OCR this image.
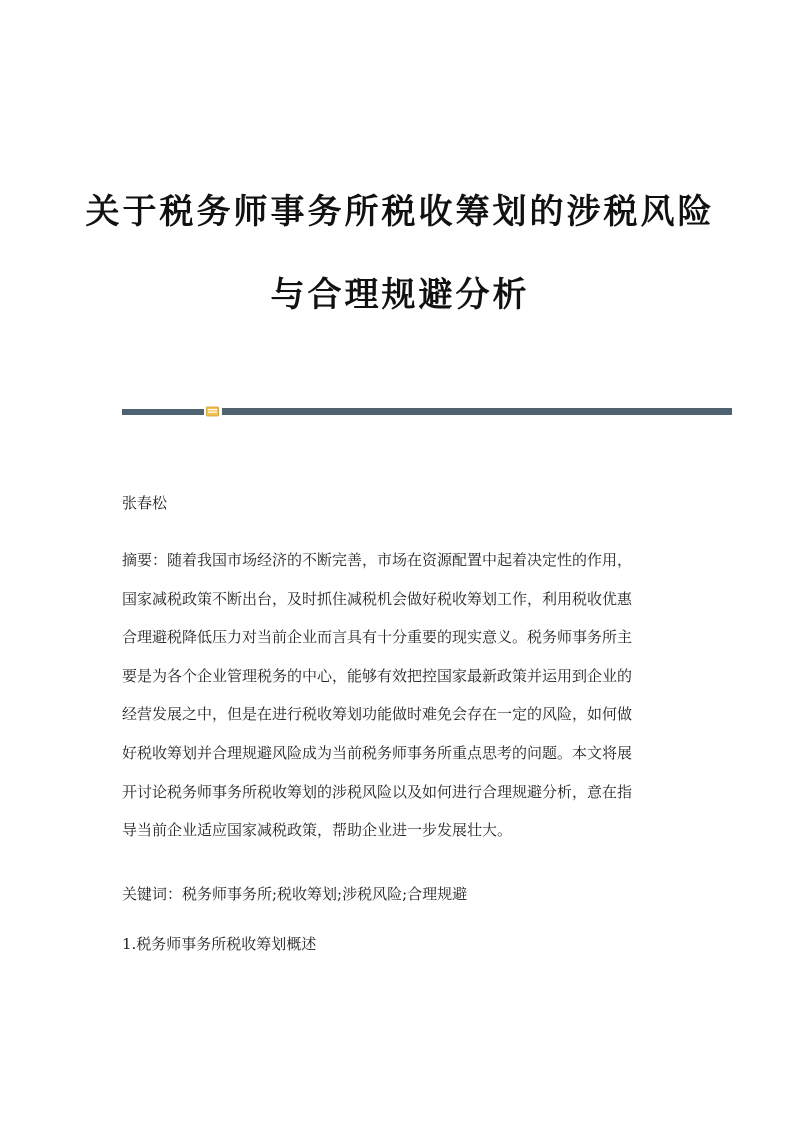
关于税务师事务所税收筹划的涉税风险
与合理规避分析
张春松
摘要：随着我国市场经济的不断完善，市场在资源配置中起着决定性的作用，
国家减税政策不断出台，及时抓住减税机会做好税收筹划工作，利用税收优惠
合理避税降低压力对当前企业而言具有十分重要的现实意义。税务师事务所主
要是为各个企业管理税务的中心，能够有效把控国家最新政策并运用到企业的
经营发展之中，但是在进行税收筹划功能做时难免会存在一定的风险，如何做
好税收筹划并合理规避风险成为当前税务师事务所重点思考的问题。本文将展
开讨论税务师事务所税收筹划的涉税风险以及如何进行合理规避分析，意在指
导当前企业适应国家减税政策，帮助企业进一步发展壮大。
关键词：税务师事务所;税收筹划;涉税风险;合理规避
1.税务师事务所税收筹划概述
